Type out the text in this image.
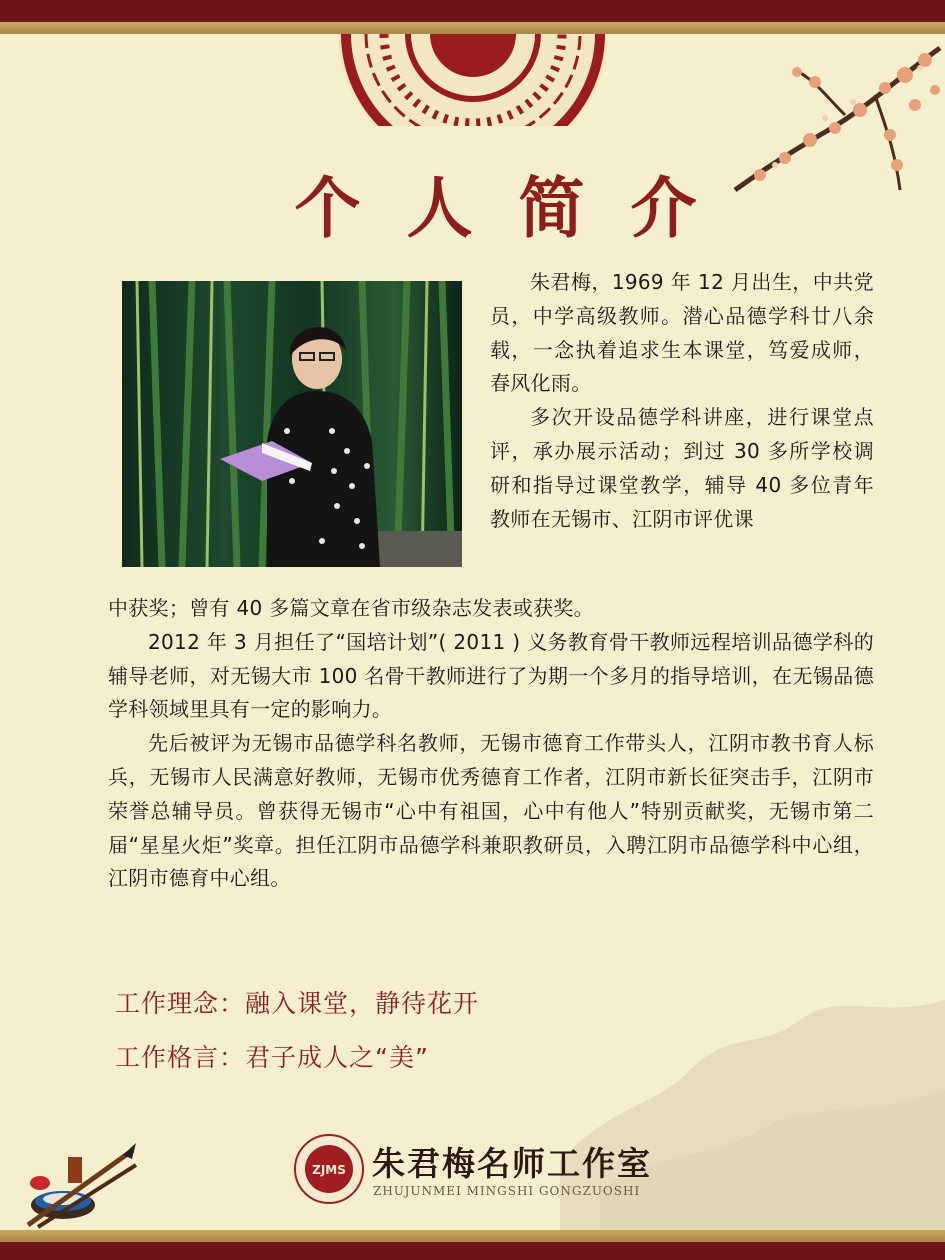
个人简介

朱君梅，1969 年 12 月出生，中共党员，中学高级教师。潜心品德学科廿八余载，一念执着追求生本课堂，笃爱成师，春风化雨。

多次开设品德学科讲座，进行课堂点评，承办展示活动；到过 30 多所学校调研和指导过课堂教学，辅导 40 多位青年教师在无锡市、江阴市评优课

中获奖；曾有 40 多篇文章在省市级杂志发表或获奖。

2012 年 3 月担任了“国培计划”( 2011 ) 义务教育骨干教师远程培训品德学科的辅导老师，对无锡大市 100 名骨干教师进行了为期一个多月的指导培训，在无锡品德学科领域里具有一定的影响力。

先后被评为无锡市品德学科名教师，无锡市德育工作带头人，江阴市教书育人标兵，无锡市人民满意好教师，无锡市优秀德育工作者，江阴市新长征突击手，江阴市荣誉总辅导员。曾获得无锡市“心中有祖国，心中有他人”特别贡献奖，无锡市第二届“星星火炬”奖章。担任江阴市品德学科兼职教研员，入聘江阴市品德学科中心组，江阴市德育中心组。

工作理念：融入课堂，静待花开
工作格言：君子成人之“美”
ZJMS 朱君梅名师工作室
ZHUJUNMEI MINGSHI GONGZUOSHI
